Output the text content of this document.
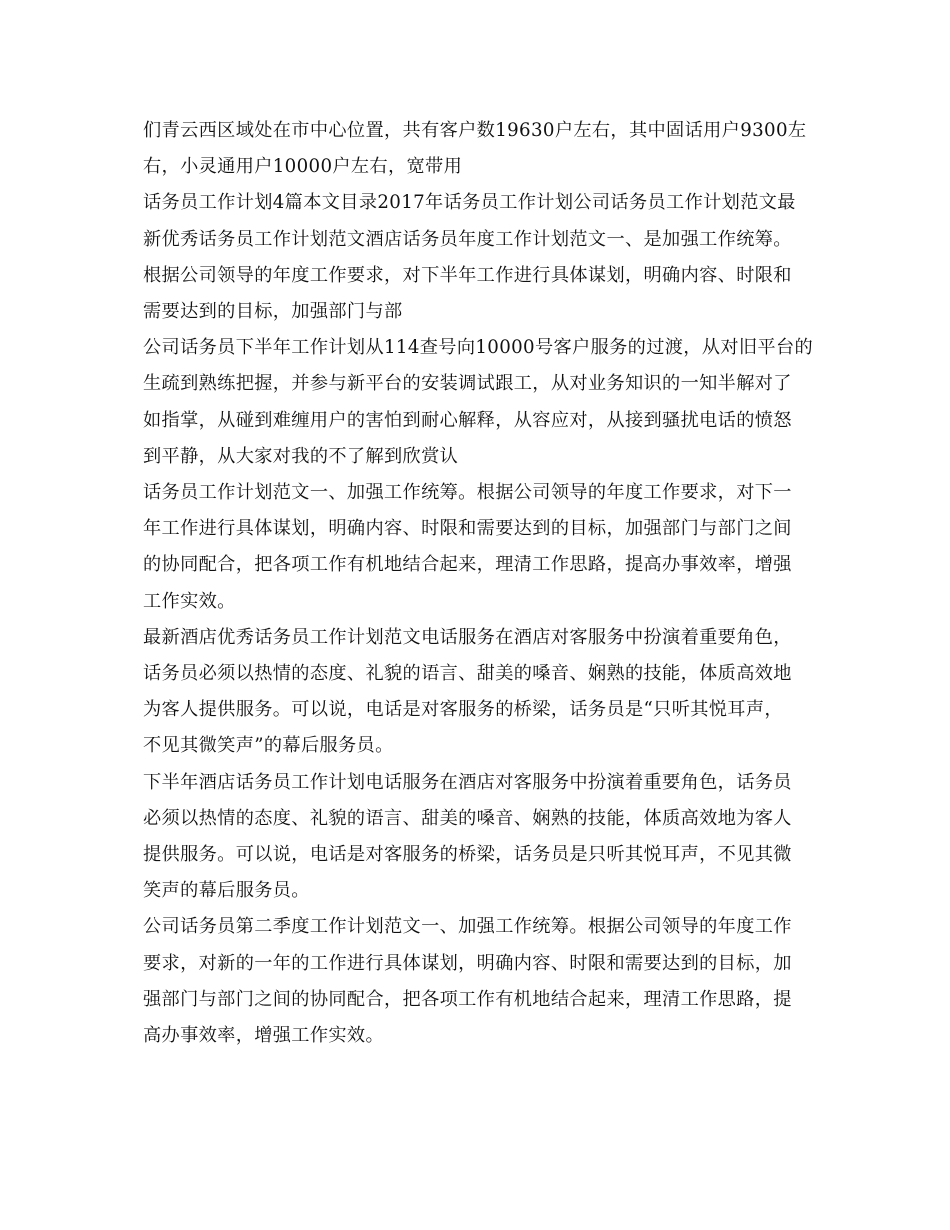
们青云西区域处在市中心位置，共有客户数19630户左右，其中固话用户9300左
右，小灵通用户10000户左右，宽带用

话务员工作计划4篇本文目录2017年话务员工作计划公司话务员工作计划范文最
新优秀话务员工作计划范文酒店话务员年度工作计划范文一、是加强工作统筹。
根据公司领导的年度工作要求，对下半年工作进行具体谋划，明确内容、时限和
需要达到的目标，加强部门与部

公司话务员下半年工作计划从114查号向10000号客户服务的过渡，从对旧平台的
生疏到熟练把握，并参与新平台的安装调试跟工，从对业务知识的一知半解对了
如指掌，从碰到难缠用户的害怕到耐心解释，从容应对，从接到骚扰电话的愤怒
到平静，从大家对我的不了解到欣赏认

话务员工作计划范文一、加强工作统筹。根据公司领导的年度工作要求，对下一
年工作进行具体谋划，明确内容、时限和需要达到的目标，加强部门与部门之间
的协同配合，把各项工作有机地结合起来，理清工作思路，提高办事效率，增强
工作实效。

最新酒店优秀话务员工作计划范文电话服务在酒店对客服务中扮演着重要角色，
话务员必须以热情的态度、礼貌的语言、甜美的嗓音、娴熟的技能，体质高效地
为客人提供服务。可以说，电话是对客服务的桥梁，话务员是“只听其悦耳声，
不见其微笑声”的幕后服务员。

下半年酒店话务员工作计划电话服务在酒店对客服务中扮演着重要角色，话务员
必须以热情的态度、礼貌的语言、甜美的嗓音、娴熟的技能，体质高效地为客人
提供服务。可以说，电话是对客服务的桥梁，话务员是只听其悦耳声，不见其微
笑声的幕后服务员。

公司话务员第二季度工作计划范文一、加强工作统筹。根据公司领导的年度工作
要求，对新的一年的工作进行具体谋划，明确内容、时限和需要达到的目标，加
强部门与部门之间的协同配合，把各项工作有机地结合起来，理清工作思路，提
高办事效率，增强工作实效。
